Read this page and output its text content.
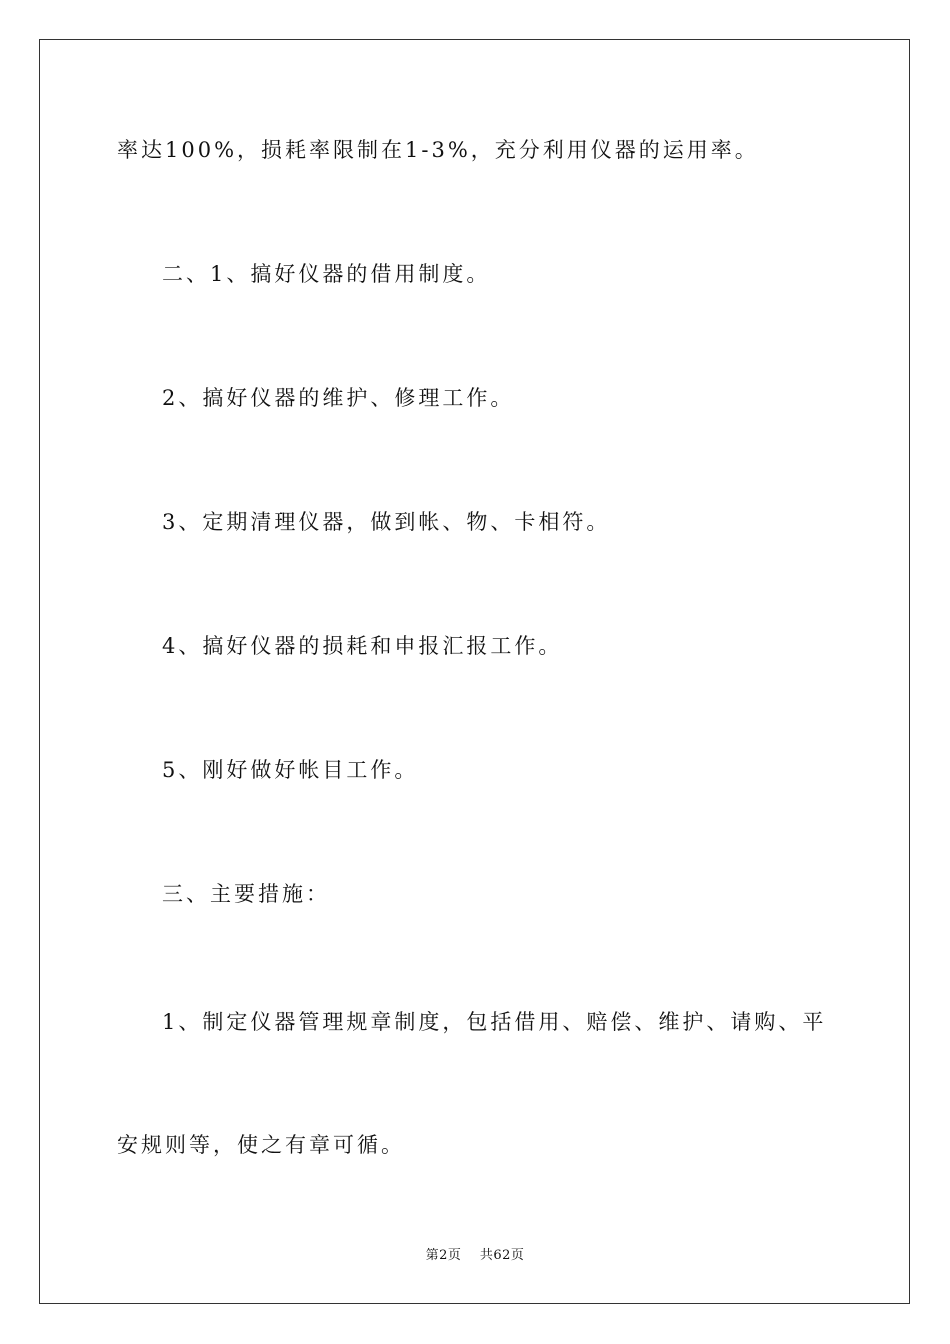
率达100%，损耗率限制在1-3%，充分利用仪器的运用率。
二、1、搞好仪器的借用制度。
2、搞好仪器的维护、修理工作。
3、定期清理仪器，做到帐、物、卡相符。
4、搞好仪器的损耗和申报汇报工作。
5、刚好做好帐目工作。
三、主要措施：
1、制定仪器管理规章制度，包括借用、赔偿、维护、请购、平
安规则等，使之有章可循。
第2页 共62页
